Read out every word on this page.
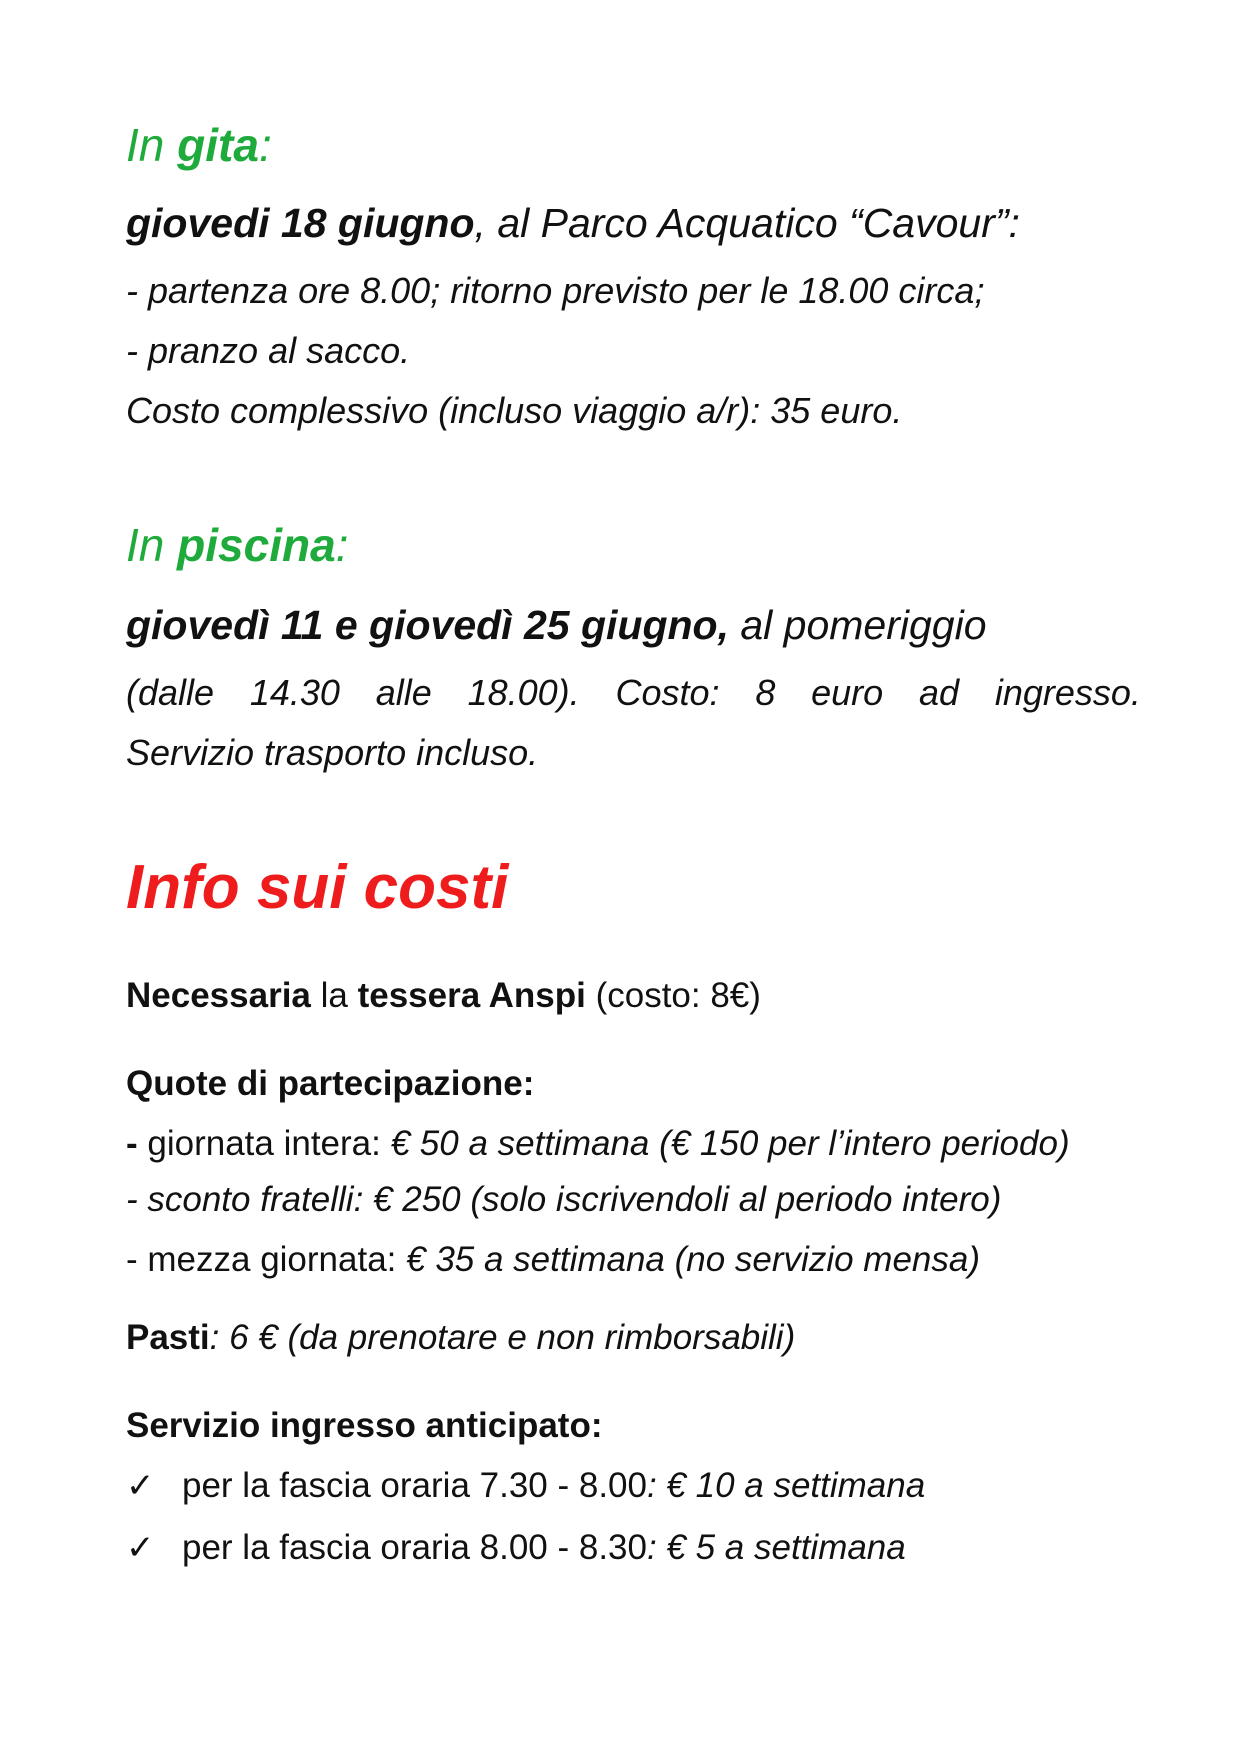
In gita:
giovedi 18 giugno, al Parco Acquatico “Cavour”:
- partenza ore 8.00; ritorno previsto per le 18.00 circa;
- pranzo al sacco.
Costo complessivo (incluso viaggio a/r): 35 euro.
In piscina:
giovedì 11 e giovedì 25 giugno, al pomeriggio
(dalle 14.30 alle 18.00). Costo: 8 euro ad ingresso.
Servizio trasporto incluso.
Info sui costi
Necessaria la tessera Anspi (costo: 8€)
Quote di partecipazione:
- giornata intera: € 50 a settimana (€ 150 per l’intero periodo)
- sconto fratelli: € 250 (solo iscrivendoli al periodo intero)
- mezza giornata: € 35 a settimana (no servizio mensa)
Pasti: 6 € (da prenotare e non rimborsabili)
Servizio ingresso anticipato:
✓ per la fascia oraria 7.30 - 8.00: € 10 a settimana
✓ per la fascia oraria 8.00 - 8.30: € 5 a settimana
